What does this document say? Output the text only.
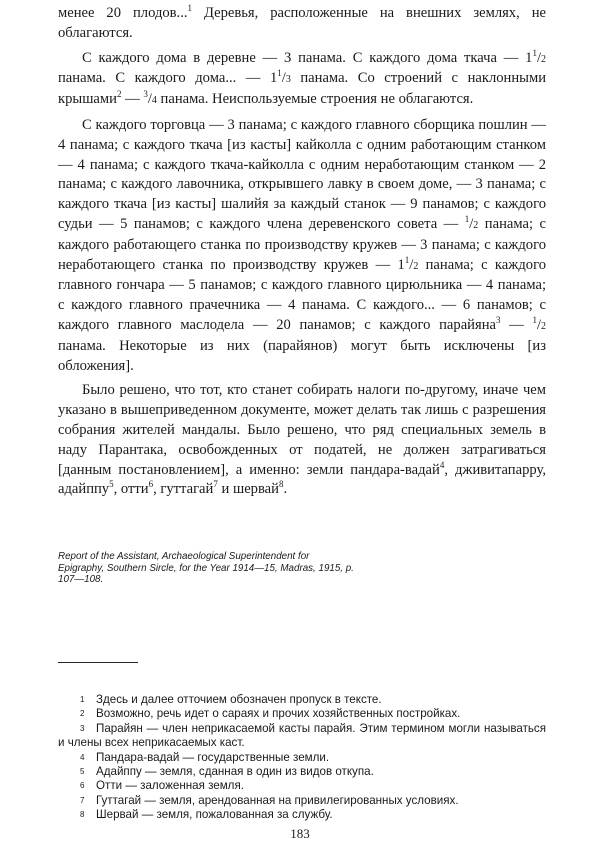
менее 20 плодов...$^1$ Деревья, расположенные на внешних землях, не облагаются.

С каждого дома в деревне — 3 панама. С каждого дома ткача — $1^1/2$ панама. С каждого дома... — $1^1/3$ панама. Со строений с наклонными крышами$^2$ — $^3$/4 панама. Неиспользуемые строения не облагаются.

С каждого торговца — 3 панама; с каждого главного сборщика пошлин — 4 панама; с каждого ткача [из касты] кайколла с одним работающим станком — 4 панама; с каждого ткача-кайколла с одним неработающим станком — 2 панама; с каждого лавочника, открывшего лавку в своем доме, — 3 панама; с каждого ткача [из касты] шалийя за каждый станок — 9 панамов; с каждого судьи — 5 панамов; с каждого члена деревенского совета — $^1$/2 панама; с каждого работающего станка по производству кружев — 3 панама; с каждого неработающего станка по производству кружев — $1^1/2$ панама; с каждого главного гончара — 5 панамов; с каждого главного цирюльника — 4 панама; с каждого главного прачечника — 4 панама. С каждого... — 6 панамов; с каждого главного маслодела — 20 панамов; с каждого парайяна$^3$ — $^1$/2 панама. Некоторые из них (парайянов) могут быть исключены [из обложения].

Было решено, что тот, кто станет собирать налоги по-другому, иначе чем указано в вышеприведенном документе, может делать так лишь с разрешения собрания жителей мандалы. Было решено, что ряд специальных земель в наду Парантака, освобожденных от податей, не должен затрагиваться [данным постановлением], а именно: земли пандара-вадай$^4$, дживитапарру, адайппу$^5$, отти$^6$, гуттагай$^7$ и шервай$^8$.

Report of the Assistant, Archaeological Superintendent for Epigraphy, Southern Sircle, for the Year 1914—15, Madras, 1915, p. 107—108.

1 Здесь и далее отточием обозначен пропуск в тексте.

2 Возможно, речь идет о сараях и прочих хозяйственных постройках.

3 Парайян — член неприкасаемой касты парайя. Этим термином могли называться и члены всех неприкасаемых каст.

4 Пандара-вадай — государственные земли.

5 Адайппу — земля, сданная в один из видов откупа.

6 Отти — заложенная земля.

7 Гуттагай — земля, арендованная на привилегированных условиях.

8 Шервай — земля, пожалованная за службу.

183
